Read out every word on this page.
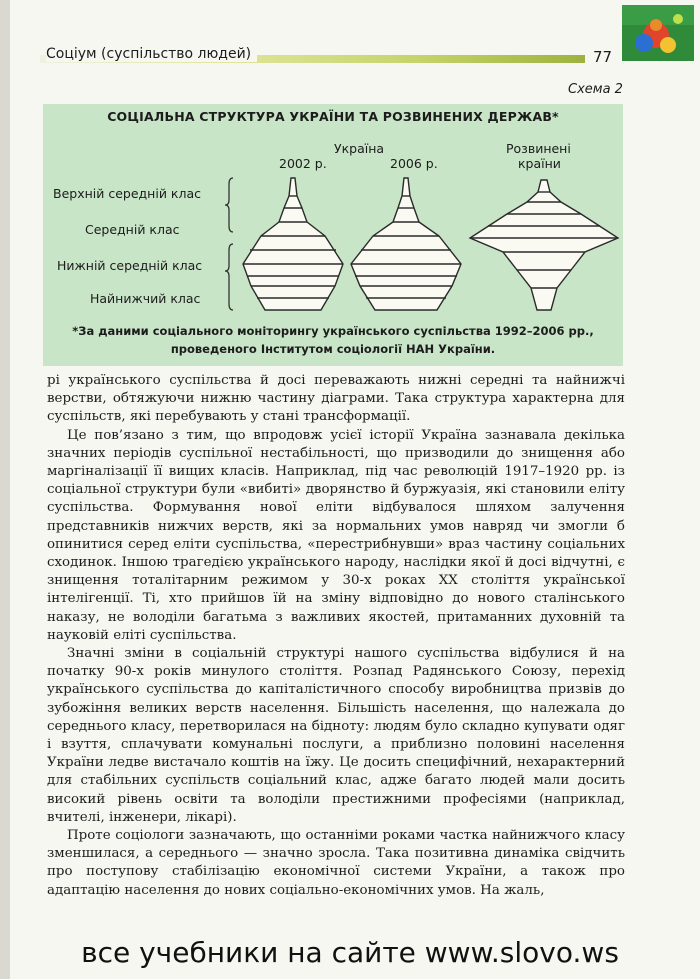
Соціум (суспільство людей)	77
Схема 2
СОЦІАЛЬНА СТРУКТУРА УКРАЇНИ ТА РОЗВИНЕНИХ ДЕРЖАВ*
Україна
2002 р.	2006 р.
Розвинені
країни
Верхній середній клас
Середній клас
Нижній середній клас
Найнижчий клас
*За даними соціального моніторингу українського суспільства 1992–2006 рр.,
проведеного Інститутом соціології НАН України.

рі українського суспільства й досі переважають нижні середні та найнижчі верстви, обтяжуючи нижню частину діаграми. Така структура характерна для суспільств, які перебувають у стані трансформації.

Це пов’язано з тим, що впродовж усієї історії Україна зазнавала декілька значних періодів суспільної нестабільності, що призводили до знищення або маргіналізації її вищих класів. Наприклад, під час революцій 1917–1920 рр. із соціальної структури були «вибиті» дворянство й буржуазія, які становили еліту суспільства. Формування нової еліти відбувалося шляхом залучення представників нижчих верств, які за нормальних умов навряд чи змогли б опинитися серед еліти суспільства, «перестрибнувши» враз частину соціальних сходинок. Іншою трагедією українського народу, наслідки якої й досі відчутні, є знищення тоталітарним режимом у 30-х роках XX століття української інтелігенції. Ті, хто прийшов їй на зміну відповідно до нового сталінського наказу, не володіли багатьма з важливих якостей, притаманних духовній та науковій еліті суспільства.

Значні зміни в соціальній структурі нашого суспільства відбулися й на початку 90-х років минулого століття. Розпад Радянського Союзу, перехід українського суспільства до капіталістичного способу виробництва призвів до зубожіння великих верств населення. Більшість населення, що належала до середнього класу, перетворилася на бідноту: людям було складно купувати одяг і взуття, сплачувати комунальні послуги, а приблизно половині населення України ледве вистачало коштів на їжу. Це досить специфічний, нехарактерний для стабільних суспільств соціальний клас, адже багато людей мали досить високий рівень освіти та володіли престижними професіями (наприклад, вчителі, інженери, лікарі).

Проте соціологи зазначають, що останніми роками частка найнижчого класу зменшилася, а середнього — значно зросла. Така позитивна динаміка свідчить про поступову стабілізацію економічної системи України, а також про адаптацію населення до нових соціально-економічних умов. На жаль,

все учебники на сайте www.slovo.ws
